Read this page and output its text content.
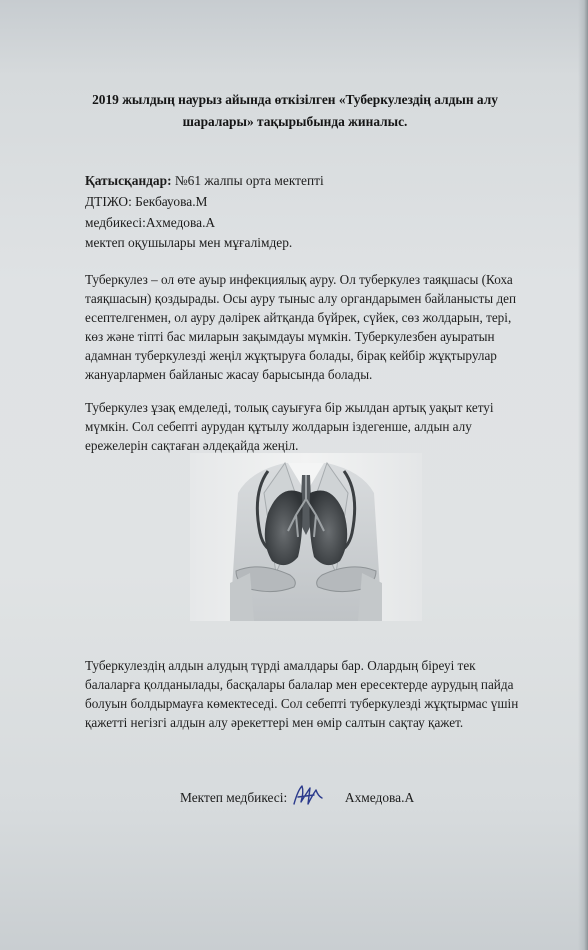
2019 жылдың наурыз айында өткізілген «Туберкулездің алдын алу
шаралары» тақырыбында жиналыс.
Қатысқандар: №61 жалпы орта мектепті
ДТІЖО: Бекбауова.М
медбикесі:Ахмедова.А
мектеп оқушылары мен мұғалімдер.
Туберкулез – ол өте ауыр инфекциялық ауру. Ол туберкулез таяқшасы (Коха
таяқшасын) қоздырады. Осы ауру тыныс алу органдарымен байланысты деп
есептелгенмен, ол ауру дәлірек айтқанда бүйрек, сүйек, сөз жолдарын, тері,
көз және тіпті бас миларын зақымдауы мүмкін. Туберкулезбен ауыратын
адамнан туберкулезді жеңіл жұқтыруға болады, бірақ кейбір жұқтырулар
жануарлармен байланыс жасау барысында болады.
Туберкулез ұзақ емделеді, толық сауығуға бір жылдан артық уақыт кетуі
мүмкін. Сол себепті аурудан құтылу жолдарын іздегенше, алдын алу
ережелерін сақтаған әлдеқайда жеңіл.
Туберкулездің алдын алудың түрді амалдары бар. Олардың біреуі тек
балаларға қолданылады, басқалары балалар мен ересектерде аурудың пайда
болуын болдырмауға көмектеседі. Сол себепті туберкулезді жұқтырмас үшін
қажетті негізгі алдын алу әрекеттері мен өмір салтын сақтау қажет.
Мектеп медбикесі:	Ахмедова.А
